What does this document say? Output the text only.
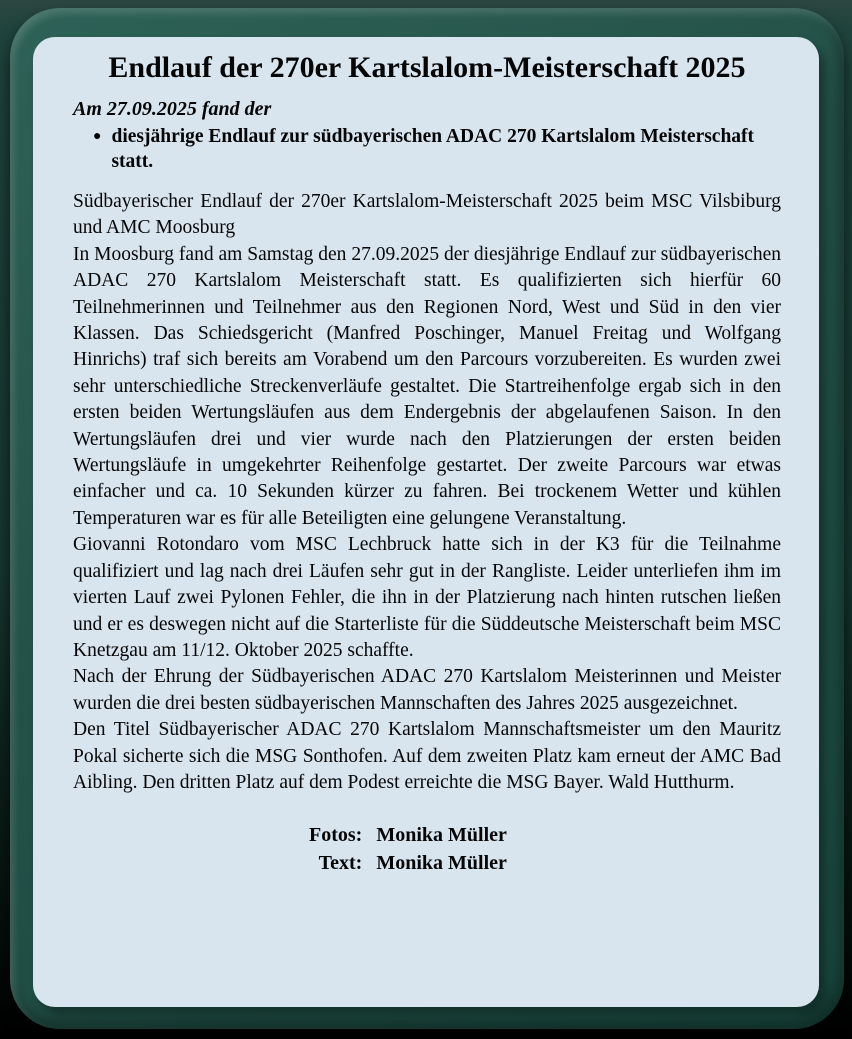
Endlauf der 270er Kartslalom-Meisterschaft 2025

Am 27.09.2025 fand der

● diesjährige Endlauf zur südbayerischen ADAC 270 Kartslalom Meisterschaft statt.

Südbayerischer Endlauf der 270er Kartslalom-Meisterschaft 2025 beim MSC Vilsbiburg und AMC Moosburg

In Moosburg fand am Samstag den 27.09.2025 der diesjährige Endlauf zur südbayerischen ADAC 270 Kartslalom Meisterschaft statt. Es qualifizierten sich hierfür 60 Teilnehmerinnen und Teilnehmer aus den Regionen Nord, West und Süd in den vier Klassen. Das Schiedsgericht (Manfred Poschinger, Manuel Freitag und Wolfgang Hinrichs) traf sich bereits am Vorabend um den Parcours vorzubereiten. Es wurden zwei sehr unterschiedliche Streckenverläufe gestaltet. Die Startreihenfolge ergab sich in den ersten beiden Wertungsläufen aus dem Endergebnis der abgelaufenen Saison. In den Wertungsläufen drei und vier wurde nach den Platzierungen der ersten beiden Wertungsläufe in umgekehrter Reihenfolge gestartet. Der zweite Parcours war etwas einfacher und ca. 10 Sekunden kürzer zu fahren. Bei trockenem Wetter und kühlen Temperaturen war es für alle Beteiligten eine gelungene Veranstaltung.

Giovanni Rotondaro vom MSC Lechbruck hatte sich in der K3 für die Teilnahme qualifiziert und lag nach drei Läufen sehr gut in der Rangliste. Leider unterliefen ihm im vierten Lauf zwei Pylonen Fehler, die ihn in der Platzierung nach hinten rutschen ließen und er es deswegen nicht auf die Starterliste für die Süddeutsche Meisterschaft beim MSC Knetzgau am 11/12. Oktober 2025 schaffte.

Nach der Ehrung der Südbayerischen ADAC 270 Kartslalom Meisterinnen und Meister wurden die drei besten südbayerischen Mannschaften des Jahres 2025 ausgezeichnet.

Den Titel Südbayerischer ADAC 270 Kartslalom Mannschaftsmeister um den Mauritz Pokal sicherte sich die MSG Sonthofen. Auf dem zweiten Platz kam erneut der AMC Bad Aibling. Den dritten Platz auf dem Podest erreichte die MSG Bayer. Wald Hutthurm.

Fotos: Monika Müller
Text: Monika Müller
